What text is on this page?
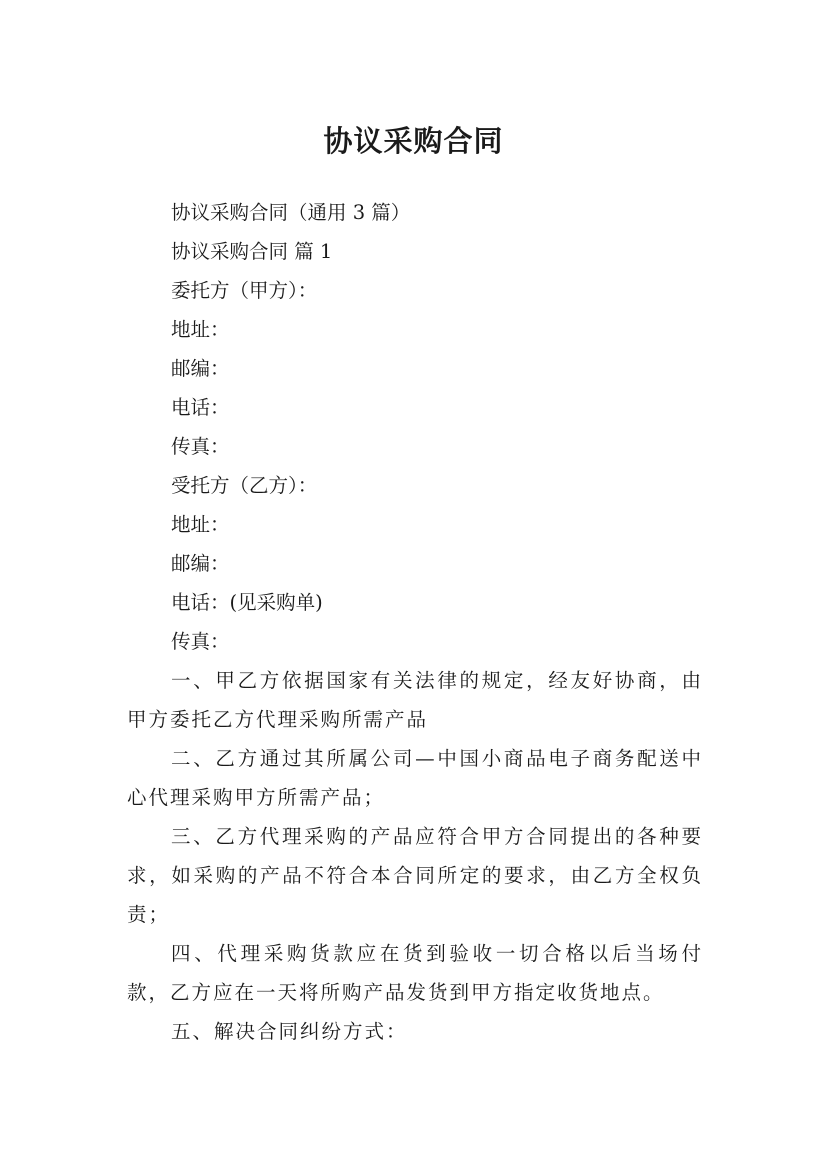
协议采购合同

协议采购合同（通用 3 篇）

协议采购合同 篇 1

委托方（甲方）：

地址：

邮编：

电话：

传真：

受托方（乙方）：

地址：

邮编：

电话：(见采购单)

传真：

一、甲乙方依据国家有关法律的规定，经友好协商，由甲方委托乙方代理采购所需产品

二、乙方通过其所属公司—中国小商品电子商务配送中心代理采购甲方所需产品；

三、乙方代理采购的产品应符合甲方合同提出的各种要求，如采购的产品不符合本合同所定的要求，由乙方全权负责；

四、代理采购货款应在货到验收一切合格以后当场付款，乙方应在一天将所购产品发货到甲方指定收货地点。

五、解决合同纠纷方式：
